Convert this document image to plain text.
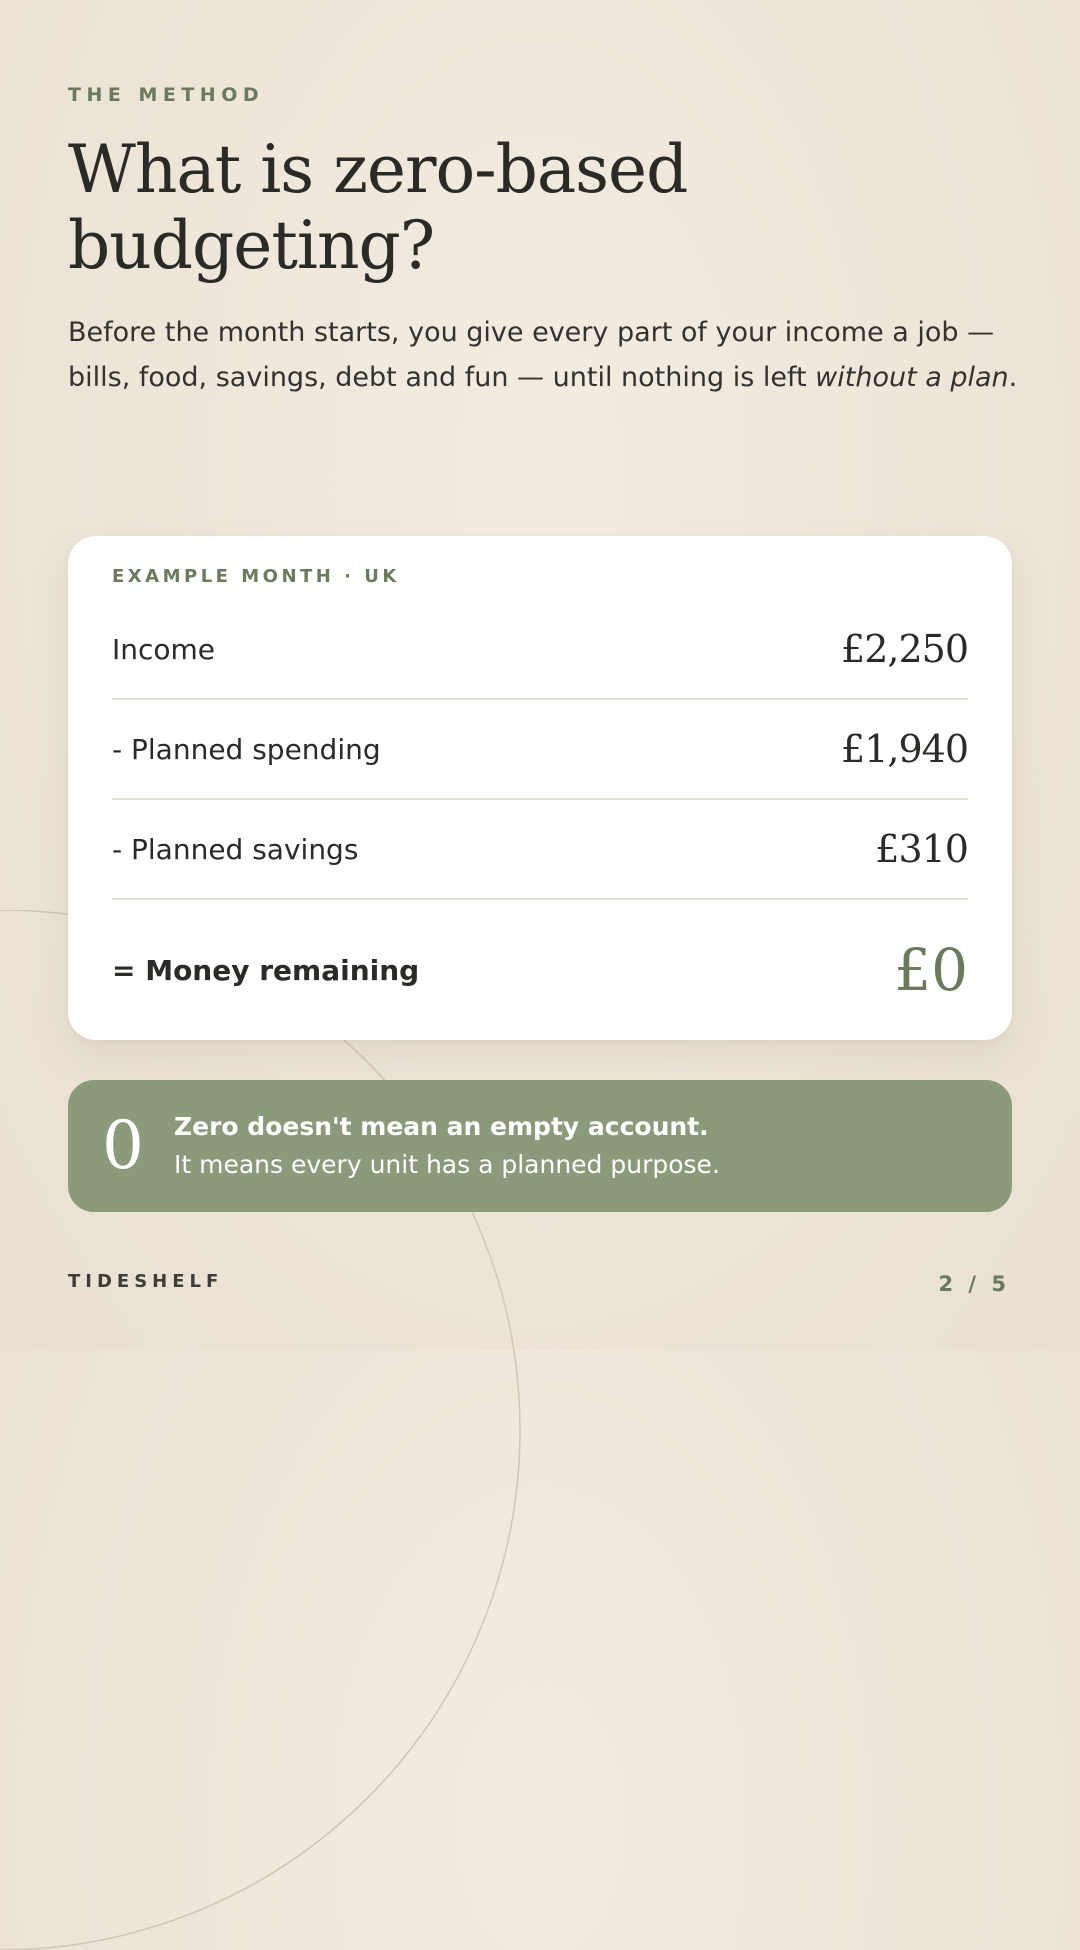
THE METHOD
What is zero-based budgeting?

Before the month starts, you give every part of your income a job — bills, food, savings, debt and fun — until nothing is left without a plan.

EXAMPLE MONTH · UK
Income	£2,250
- Planned spending	£1,940
- Planned savings	£310
= Money remaining	£0
0	Zero doesn't mean an empty account.
It means every unit has a planned purpose.
TIDESHELF	2 / 5
